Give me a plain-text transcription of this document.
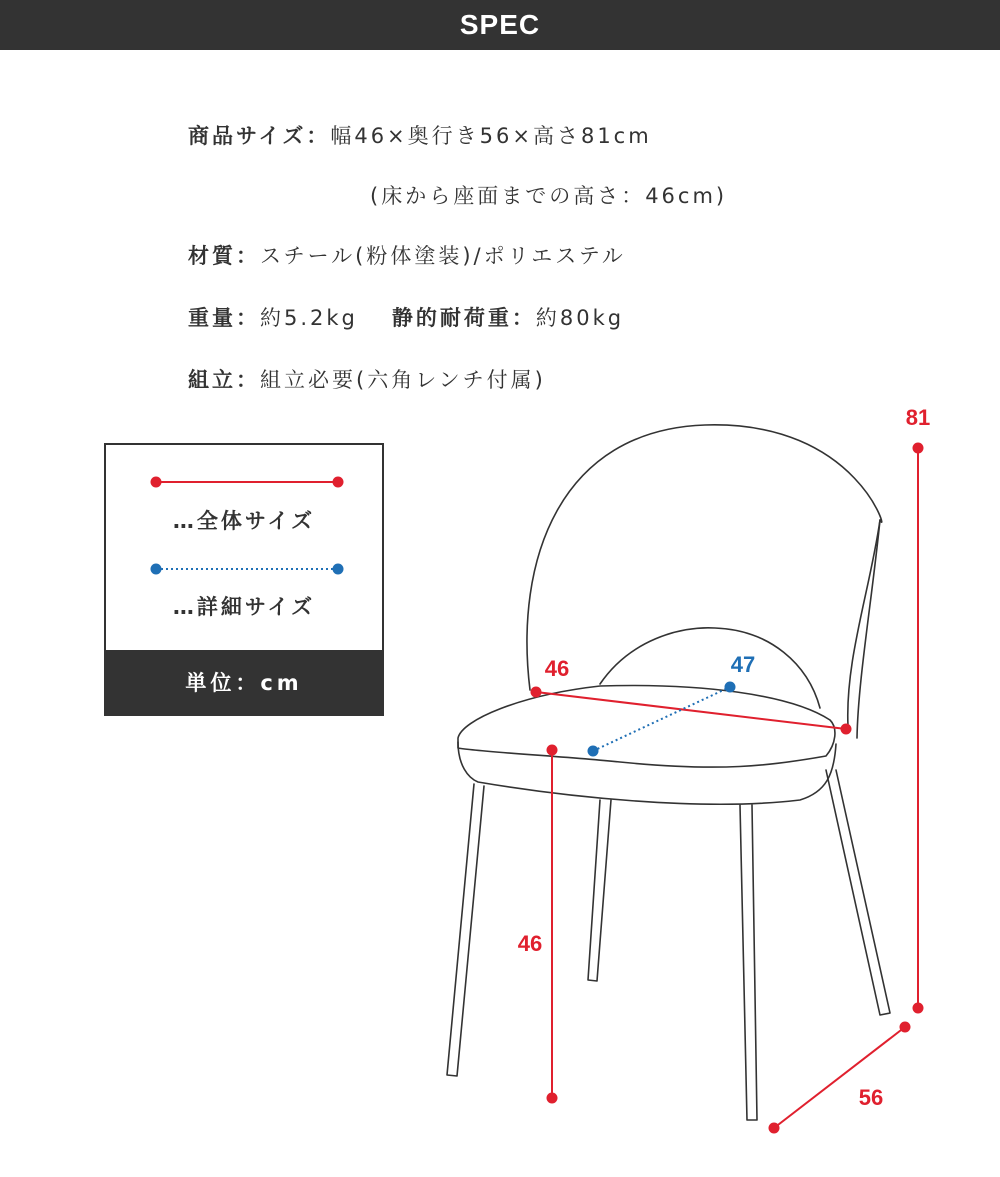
SPEC
商品サイズ：幅46×奥行き56×高さ81cm
(床から座面までの高さ：46cm)
材質：スチール(粉体塗装)/ポリエステル
重量：約5.2kg 静的耐荷重：約80kg
組立：組立必要(六角レンチ付属)
…全体サイズ
…詳細サイズ
単位：cm
81
46	47
46
56
